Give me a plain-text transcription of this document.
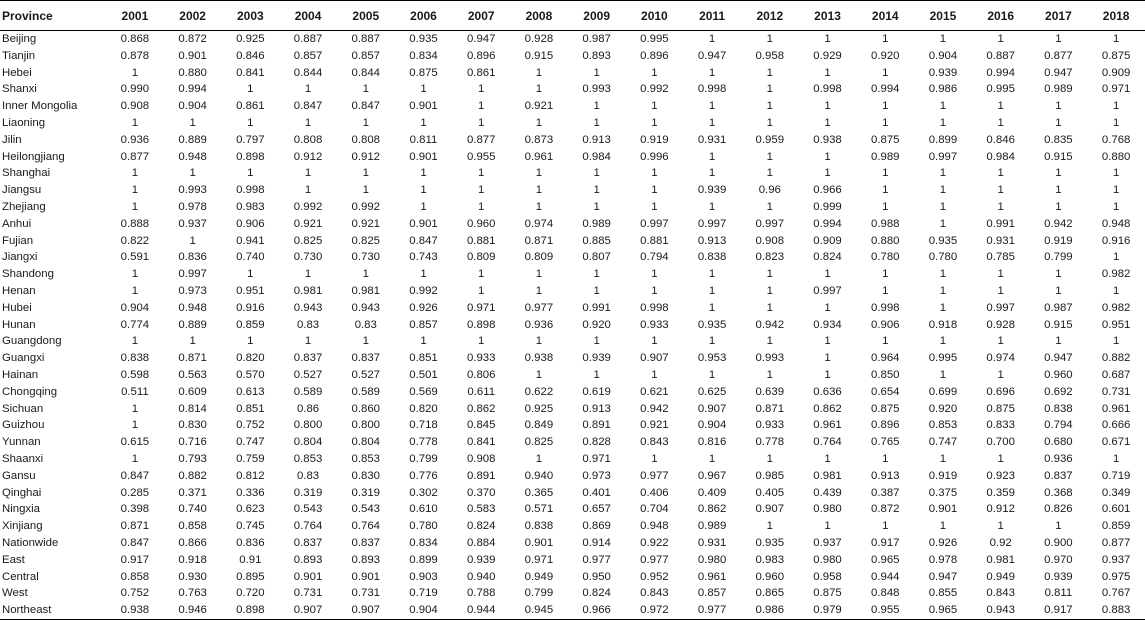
Province	2001	2002	2003	2004	2005	2006	2007	2008	2009	2010	2011	2012	2013	2014	2015	2016	2017	2018
Beijing	0.868	0.872	0.925	0.887	0.887	0.935	0.947	0.928	0.987	0.995	1	1	1	1	1	1	1	1
Tianjin	0.878	0.901	0.846	0.857	0.857	0.834	0.896	0.915	0.893	0.896	0.947	0.958	0.929	0.920	0.904	0.887	0.877	0.875
Hebei	1	0.880	0.841	0.844	0.844	0.875	0.861	1	1	1	1	1	1	1	0.939	0.994	0.947	0.909
Shanxi	0.990	0.994	1	1	1	1	1	1	0.993	0.992	0.998	1	0.998	0.994	0.986	0.995	0.989	0.971
Inner Mongolia	0.908	0.904	0.861	0.847	0.847	0.901	1	0.921	1	1	1	1	1	1	1	1	1	1
Liaoning	1	1	1	1	1	1	1	1	1	1	1	1	1	1	1	1	1	1
Jilin	0.936	0.889	0.797	0.808	0.808	0.811	0.877	0.873	0.913	0.919	0.931	0.959	0.938	0.875	0.899	0.846	0.835	0.768
Heilongjiang	0.877	0.948	0.898	0.912	0.912	0.901	0.955	0.961	0.984	0.996	1	1	1	0.989	0.997	0.984	0.915	0.880
Shanghai	1	1	1	1	1	1	1	1	1	1	1	1	1	1	1	1	1	1
Jiangsu	1	0.993	0.998	1	1	1	1	1	1	1	0.939	0.96	0.966	1	1	1	1	1
Zhejiang	1	0.978	0.983	0.992	0.992	1	1	1	1	1	1	1	0.999	1	1	1	1	1
Anhui	0.888	0.937	0.906	0.921	0.921	0.901	0.960	0.974	0.989	0.997	0.997	0.997	0.994	0.988	1	0.991	0.942	0.948
Fujian	0.822	1	0.941	0.825	0.825	0.847	0.881	0.871	0.885	0.881	0.913	0.908	0.909	0.880	0.935	0.931	0.919	0.916
Jiangxi	0.591	0.836	0.740	0.730	0.730	0.743	0.809	0.809	0.807	0.794	0.838	0.823	0.824	0.780	0.780	0.785	0.799	1
Shandong	1	0.997	1	1	1	1	1	1	1	1	1	1	1	1	1	1	1	0.982
Henan	1	0.973	0.951	0.981	0.981	0.992	1	1	1	1	1	1	0.997	1	1	1	1	1
Hubei	0.904	0.948	0.916	0.943	0.943	0.926	0.971	0.977	0.991	0.998	1	1	1	0.998	1	0.997	0.987	0.982
Hunan	0.774	0.889	0.859	0.83	0.83	0.857	0.898	0.936	0.920	0.933	0.935	0.942	0.934	0.906	0.918	0.928	0.915	0.951
Guangdong	1	1	1	1	1	1	1	1	1	1	1	1	1	1	1	1	1	1
Guangxi	0.838	0.871	0.820	0.837	0.837	0.851	0.933	0.938	0.939	0.907	0.953	0.993	1	0.964	0.995	0.974	0.947	0.882
Hainan	0.598	0.563	0.570	0.527	0.527	0.501	0.806	1	1	1	1	1	1	0.850	1	1	0.960	0.687
Chongqing	0.511	0.609	0.613	0.589	0.589	0.569	0.611	0.622	0.619	0.621	0.625	0.639	0.636	0.654	0.699	0.696	0.692	0.731
Sichuan	1	0.814	0.851	0.86	0.860	0.820	0.862	0.925	0.913	0.942	0.907	0.871	0.862	0.875	0.920	0.875	0.838	0.961
Guizhou	1	0.830	0.752	0.800	0.800	0.718	0.845	0.849	0.891	0.921	0.904	0.933	0.961	0.896	0.853	0.833	0.794	0.666
Yunnan	0.615	0.716	0.747	0.804	0.804	0.778	0.841	0.825	0.828	0.843	0.816	0.778	0.764	0.765	0.747	0.700	0.680	0.671
Shaanxi	1	0.793	0.759	0.853	0.853	0.799	0.908	1	0.971	1	1	1	1	1	1	1	0.936	1
Gansu	0.847	0.882	0.812	0.83	0.830	0.776	0.891	0.940	0.973	0.977	0.967	0.985	0.981	0.913	0.919	0.923	0.837	0.719
Qinghai	0.285	0.371	0.336	0.319	0.319	0.302	0.370	0.365	0.401	0.406	0.409	0.405	0.439	0.387	0.375	0.359	0.368	0.349
Ningxia	0.398	0.740	0.623	0.543	0.543	0.610	0.583	0.571	0.657	0.704	0.862	0.907	0.980	0.872	0.901	0.912	0.826	0.601
Xinjiang	0.871	0.858	0.745	0.764	0.764	0.780	0.824	0.838	0.869	0.948	0.989	1	1	1	1	1	1	0.859
Nationwide	0.847	0.866	0.836	0.837	0.837	0.834	0.884	0.901	0.914	0.922	0.931	0.935	0.937	0.917	0.926	0.92	0.900	0.877
East	0.917	0.918	0.91	0.893	0.893	0.899	0.939	0.971	0.977	0.977	0.980	0.983	0.980	0.965	0.978	0.981	0.970	0.937
Central	0.858	0.930	0.895	0.901	0.901	0.903	0.940	0.949	0.950	0.952	0.961	0.960	0.958	0.944	0.947	0.949	0.939	0.975
West	0.752	0.763	0.720	0.731	0.731	0.719	0.788	0.799	0.824	0.843	0.857	0.865	0.875	0.848	0.855	0.843	0.811	0.767
Northeast	0.938	0.946	0.898	0.907	0.907	0.904	0.944	0.945	0.966	0.972	0.977	0.986	0.979	0.955	0.965	0.943	0.917	0.883
